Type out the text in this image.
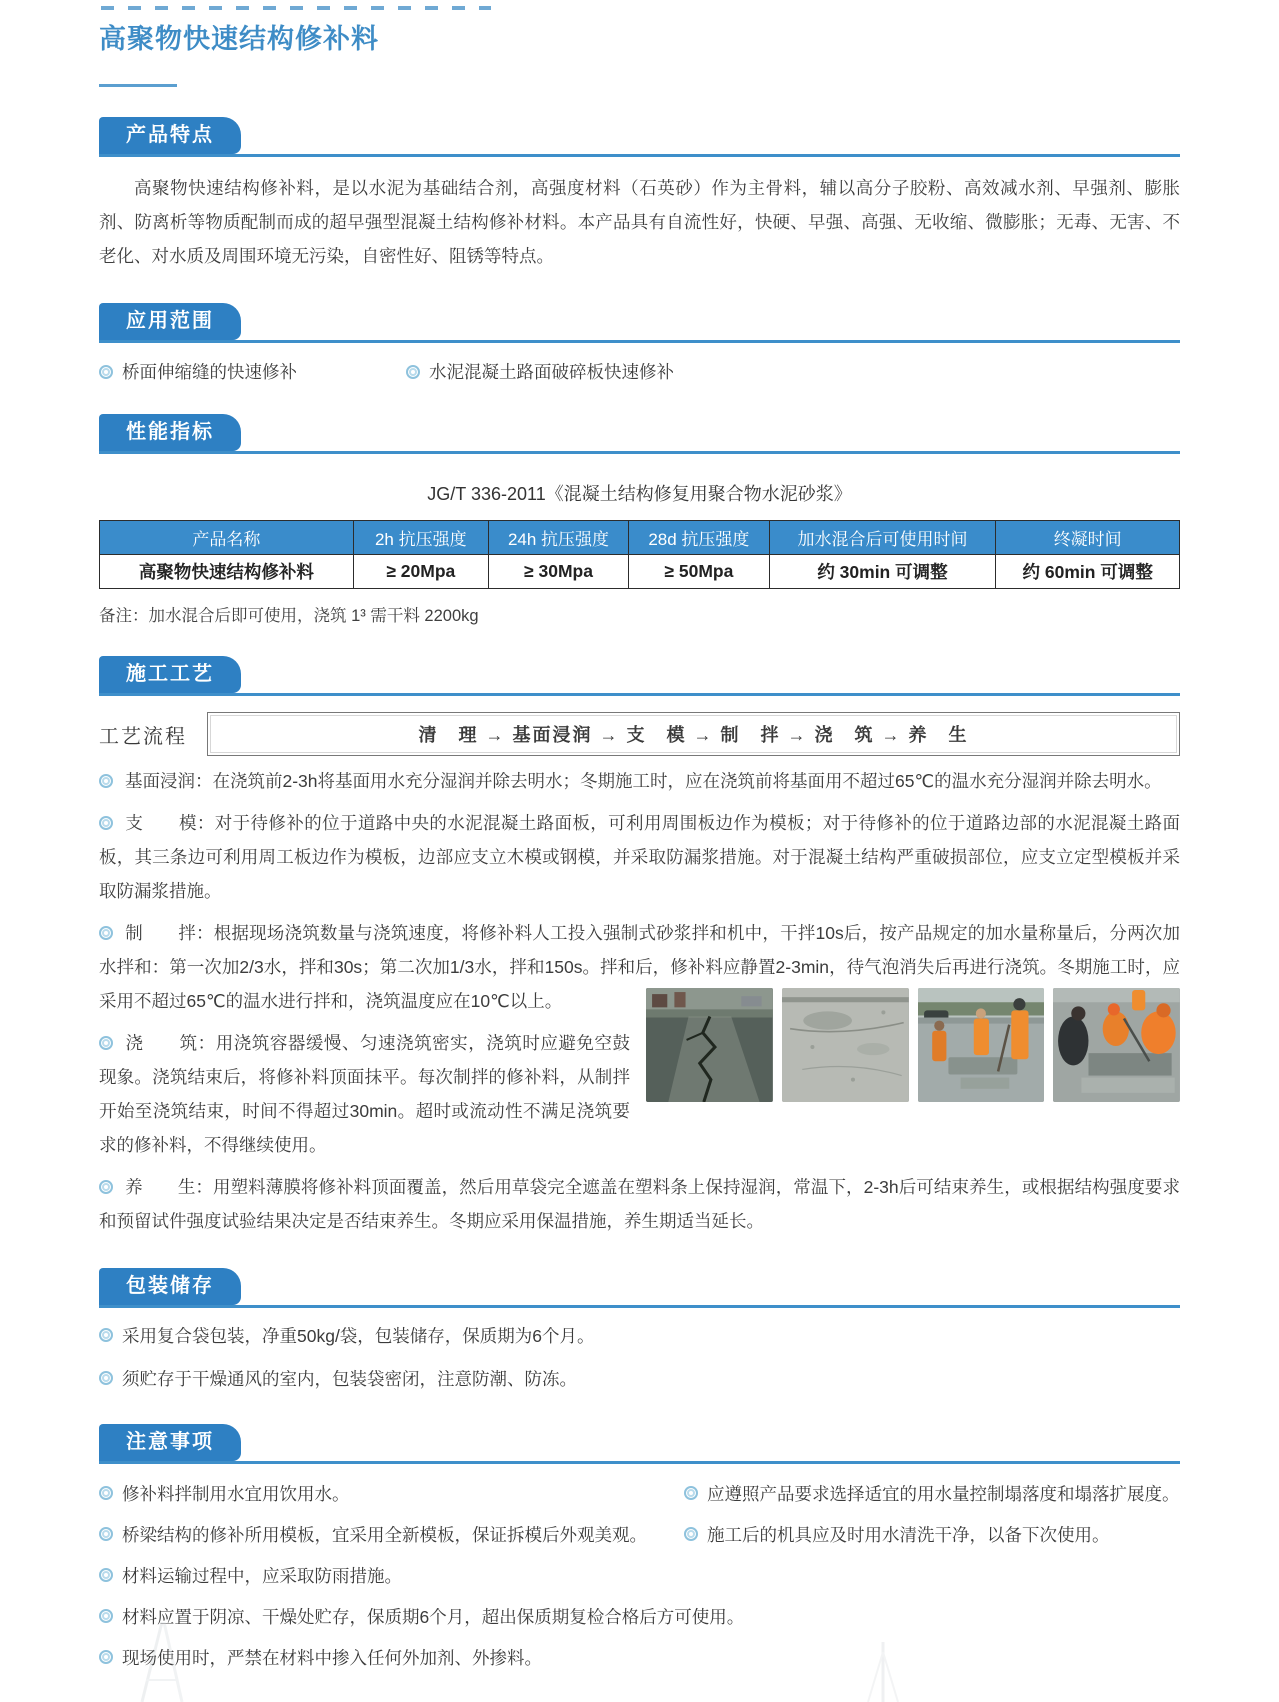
高聚物快速结构修补料
产品特点

高聚物快速结构修补料，是以水泥为基础结合剂，高强度材料（石英砂）作为主骨料，辅以高分子胶粉、高效减水剂、早强剂、膨胀剂、防离析等物质配制而成的超早强型混凝土结构修补材料。本产品具有自流性好，快硬、早强、高强、无收缩、微膨胀；无毒、无害、不老化、对水质及周围环境无污染，自密性好、阻锈等特点。

应用范围
桥面伸缩缝的快速修补	水泥混凝土路面破碎板快速修补
性能指标
JG/T 336-2011《混凝土结构修复用聚合物水泥砂浆》
产品名称	2h 抗压强度	24h 抗压强度	28d 抗压强度	加水混合后可使用时间	终凝时间
高聚物快速结构修补料	≥ 20Mpa	≥ 30Mpa	≥ 50Mpa	约 30min 可调整	约 60min 可调整
备注：加水混合后即可使用，浇筑 1³ 需干料 2200kg
施工工艺
工艺流程	清　理 → 基面浸润 → 支　模 → 制　拌 → 浇　筑 → 养　生

基面浸润：在浇筑前2-3h将基面用水充分湿润并除去明水；冬期施工时，应在浇筑前将基面用不超过65℃的温水充分湿润并除去明水。

支　　模：对于待修补的位于道路中央的水泥混凝土路面板，可利用周围板边作为模板；对于待修补的位于道路边部的水泥混凝土路面板，其三条边可利用周工板边作为模板，边部应支立木模或钢模，并采取防漏浆措施。对于混凝土结构严重破损部位，应支立定型模板并采取防漏浆措施。

制　　拌：根据现场浇筑数量与浇筑速度，将修补料人工投入强制式砂浆拌和机中，干拌10s后，按产品规定的加水量称量后，分两次加水拌和：第一次加2/3水，拌和30s；第二次加1/3水，拌和150s。拌和后，修补料应静置2-3min，待气泡消失后再进行浇筑。冬期施工时，应采用不超过65℃的温水进行拌和，浇筑温度应在10℃以上。

浇　　筑：用浇筑容器缓慢、匀速浇筑密实，浇筑时应避免空鼓现象。浇筑结束后，将修补料顶面抹平。每次制拌的修补料，从制拌开始至浇筑结束，时间不得超过30min。超时或流动性不满足浇筑要求的修补料，不得继续使用。

养　　生：用塑料薄膜将修补料顶面覆盖，然后用草袋完全遮盖在塑料条上保持湿润，常温下，2-3h后可结束养生，或根据结构强度要求和预留试件强度试验结果决定是否结束养生。冬期应采用保温措施，养生期适当延长。

包装储存
采用复合袋包装，净重50kg/袋，包装储存，保质期为6个月。
须贮存于干燥通风的室内，包装袋密闭，注意防潮、防冻。
注意事项
修补料拌制用水宜用饮用水。	应遵照产品要求选择适宜的用水量控制塌落度和塌落扩展度。
桥梁结构的修补所用模板，宜采用全新模板，保证拆模后外观美观。	施工后的机具应及时用水清洗干净，以备下次使用。
材料运输过程中，应采取防雨措施。
材料应置于阴凉、干燥处贮存，保质期6个月，超出保质期复检合格后方可使用。
现场使用时，严禁在材料中掺入任何外加剂、外掺料。
